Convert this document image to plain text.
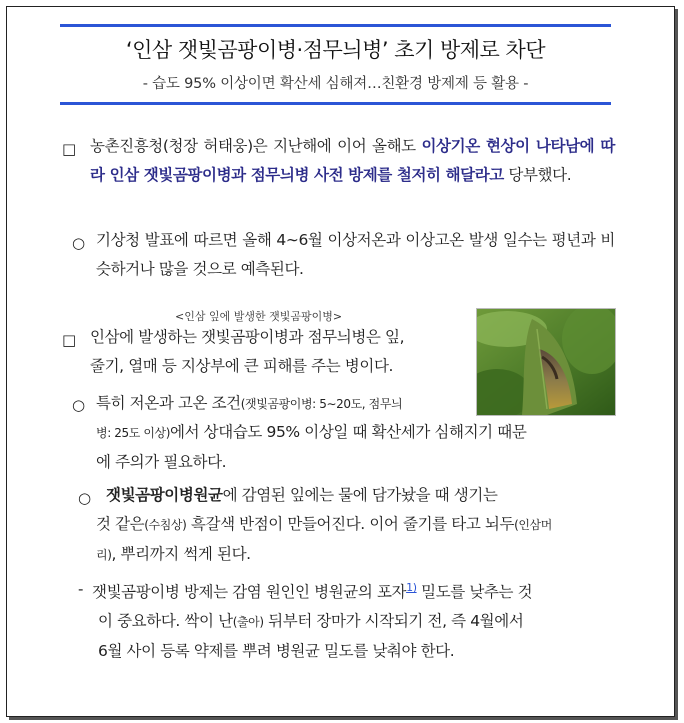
‘인삼 잿빛곰팡이병·점무늬병’ 초기 방제로 차단
- 습도 95% 이상이면 확산세 심해져…친환경 방제제 등 활용 -
□ 농촌진흥청(청장 허태웅)은 지난해에 이어 올해도 이상기온 현상이 나타남에 따라 인삼 잿빛곰팡이병과 점무늬병 사전 방제를 철저히 해달라고 당부했다.
○ 기상청 발표에 따르면 올해 4∼6월 이상저온과 이상고온 발생 일수는 평년과 비슷하거나 많을 것으로 예측된다.
<인삼 잎에 발생한 잿빛곰팡이병>
□ 인삼에 발생하는 잿빛곰팡이병과 점무늬병은 잎,
줄기, 열매 등 지상부에 큰 피해를 주는 병이다.
○ 특히 저온과 고온 조건(잿빛곰팡이병: 5∼20도, 점무늬
병: 25도 이상)에서 상대습도 95% 이상일 때 확산세가 심해지기 때문
에 주의가 필요하다.
○ 잿빛곰팡이병원균에 감염된 잎에는 물에 담가놨을 때 생기는
것 같은(수침상) 흑갈색 반점이 만들어진다. 이어 줄기를 타고 뇌두(인삼머
리), 뿌리까지 썩게 된다.
- 잿빛곰팡이병 방제는 감염 원인인 병원균의 포자$^{1)}$ 밀도를 낮추는 것
이 중요하다. 싹이 난(출아) 뒤부터 장마가 시작되기 전, 즉 4월에서
6월 사이 등록 약제를 뿌려 병원균 밀도를 낮춰야 한다.
